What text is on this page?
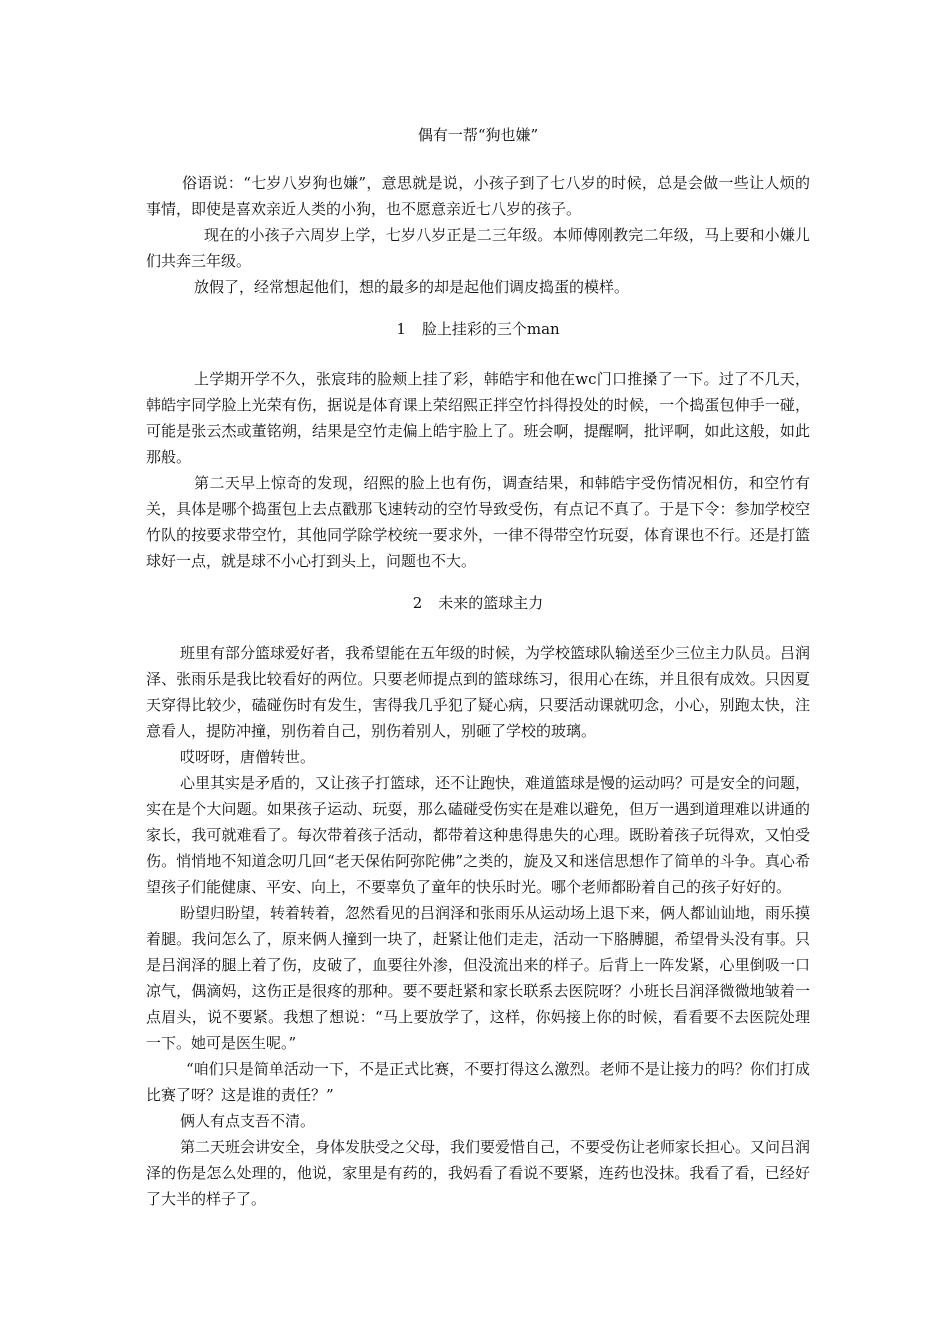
偶有一帮“狗也嫌”

俗语说：“七岁八岁狗也嫌”，意思就是说，小孩子到了七八岁的时候，总是会做一些让人烦的事情，即使是喜欢亲近人类的小狗，也不愿意亲近七八岁的孩子。

现在的小孩子六周岁上学，七岁八岁正是二三年级。本师傅刚教完二年级，马上要和小嫌儿们共奔三年级。

放假了，经常想起他们，想的最多的却是起他们调皮捣蛋的模样。

1 脸上挂彩的三个man

上学期开学不久，张宸玮的脸颊上挂了彩，韩皓宇和他在wc门口推搡了一下。过了不几天，韩皓宇同学脸上光荣有伤，据说是体育课上荣绍熙正拌空竹抖得投处的时候，一个捣蛋包伸手一碰，可能是张云杰或董铭朔，结果是空竹走偏上皓宇脸上了。班会啊，提醒啊，批评啊，如此这般，如此那般。

第二天早上惊奇的发现，绍熙的脸上也有伤，调查结果，和韩皓宇受伤情况相仿，和空竹有关，具体是哪个捣蛋包上去点戳那飞速转动的空竹导致受伤，有点记不真了。于是下令：参加学校空竹队的按要求带空竹，其他同学除学校统一要求外，一律不得带空竹玩耍，体育课也不行。还是打篮球好一点，就是球不小心打到头上，问题也不大。

2 未来的篮球主力

班里有部分篮球爱好者，我希望能在五年级的时候，为学校篮球队输送至少三位主力队员。吕润泽、张雨乐是我比较看好的两位。只要老师提点到的篮球练习，很用心在练，并且很有成效。只因夏天穿得比较少，磕碰伤时有发生，害得我几乎犯了疑心病，只要活动课就叨念，小心，别跑太快，注意看人，提防冲撞，别伤着自己，别伤着别人，别砸了学校的玻璃。

哎呀呀，唐僧转世。

心里其实是矛盾的，又让孩子打篮球，还不让跑快，难道篮球是慢的运动吗？可是安全的问题，实在是个大问题。如果孩子运动、玩耍，那么磕碰受伤实在是难以避免，但万一遇到道理难以讲通的家长，我可就难看了。每次带着孩子活动，都带着这种患得患失的心理。既盼着孩子玩得欢，又怕受伤。悄悄地不知道念叨几回“老天保佑阿弥陀佛”之类的，旋及又和迷信思想作了简单的斗争。真心希望孩子们能健康、平安、向上，不要辜负了童年的快乐时光。哪个老师都盼着自己的孩子好好的。

盼望归盼望，转着转着，忽然看见的吕润泽和张雨乐从运动场上退下来，俩人都讪讪地，雨乐摸着腿。我问怎么了，原来俩人撞到一块了，赶紧让他们走走，活动一下胳膊腿，希望骨头没有事。只是吕润泽的腿上着了伤，皮破了，血要往外渗，但没流出来的样子。后背上一阵发紧，心里倒吸一口凉气，偶滴妈，这伤正是很疼的那种。要不要赶紧和家长联系去医院呀？小班长吕润泽微微地皱着一点眉头，说不要紧。我想了想说：“马上要放学了，这样，你妈接上你的时候，看看要不去医院处理一下。她可是医生呢。”

“咱们只是简单活动一下，不是正式比赛，不要打得这么激烈。老师不是让接力的吗？你们打成比赛了呀？这是谁的责任？”

俩人有点支吾不清。

第二天班会讲安全，身体发肤受之父母，我们要爱惜自己，不要受伤让老师家长担心。又问吕润泽的伤是怎么处理的，他说，家里是有药的，我妈看了看说不要紧，连药也没抹。我看了看，已经好了大半的样子了。
